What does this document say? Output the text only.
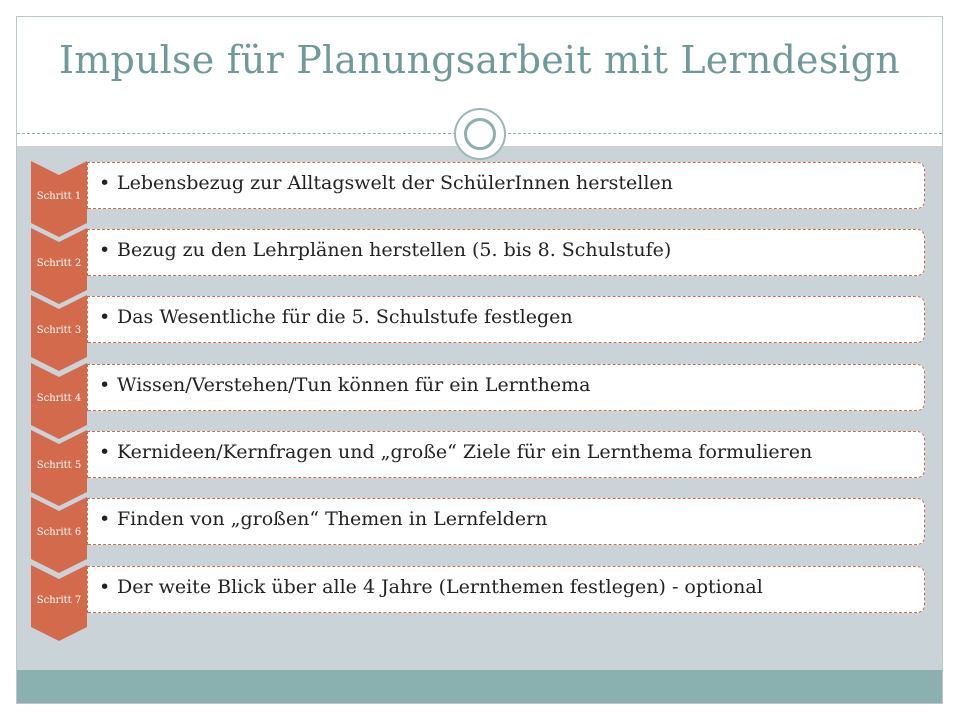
Impulse für Planungsarbeit mit Lerndesign
Schritt 1
• Lebensbezug zur Alltagswelt der SchülerInnen herstellen
Schritt 2
• Bezug zu den Lehrplänen herstellen (5. bis 8. Schulstufe)
Schritt 3
• Das Wesentliche für die 5. Schulstufe festlegen
Schritt 4
• Wissen/Verstehen/Tun können für ein Lernthema
Schritt 5
• Kernideen/Kernfragen und „große“ Ziele für ein Lernthema formulieren
Schritt 6
• Finden von „großen“ Themen in Lernfeldern
Schritt 7
• Der weite Blick über alle 4 Jahre (Lernthemen festlegen) - optional
